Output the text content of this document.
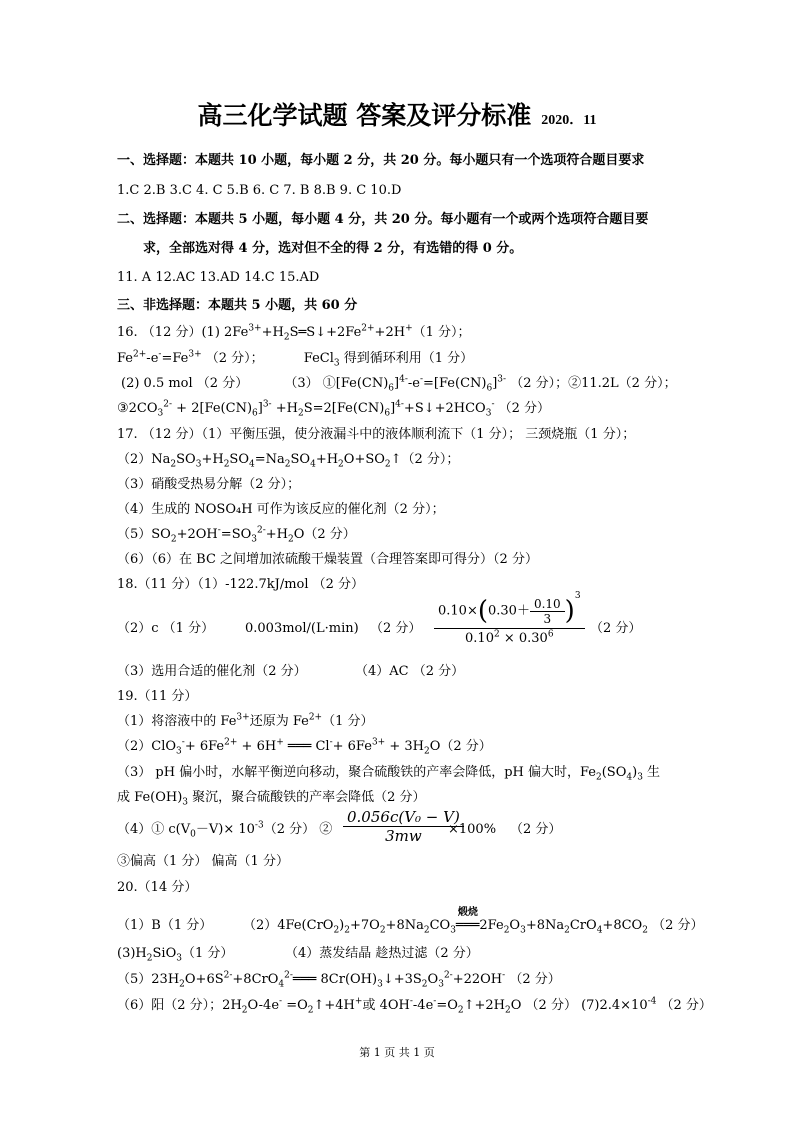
高三化学试题 答案及评分标准 2020．11
一、选择题：本题共 10 小题，每小题 2 分，共 20 分。每小题只有一个选项符合题目要求
1.C 2.B 3.C 4. C 5.B 6. C 7. B 8.B 9. C 10.D
二、选择题：本题共 5 小题，每小题 4 分，共 20 分。每小题有一个或两个选项符合题目要
求，全部选对得 4 分，选对但不全的得 2 分，有选错的得 0 分。
11. A 12.AC 13.AD 14.C 15.AD
三、非选择题：本题共 5 小题，共 60 分
16. （12 分）(1) $2Fe^{3+}+H_2S═S↓+2Fe^{2+}+2H^+(1$ 分）；
$Fe^{2+}-e^-=Fe^{3+}$ （2 分）；	FeCl$_3$ 得到循环利用（1 分）
(2) 0.5 mol （2 分）	（3） $①[Fe(CN)_6]^{4-}-e^-=[Fe(CN)_6]^{3-}$ （2 分）；②11.2L（2 分）；
$③2CO_3^{2-} + 2[Fe(CN)_6]^{3-}$ $+H_2S=2[Fe(CN)_6]^{4-}+S↓+2HCO_3^-$ （2 分）
17. （12 分）（1）平衡压强，使分液漏斗中的液体顺利流下（1 分）； 三颈烧瓶（1 分）；
$(2)Na_2SO_3+H_2SO_4=Na_2SO_4+H_2O+SO_2↑(2$ 分）；
（3）硝酸受热易分解（2 分）；
（4）生成的 NOSO₄H 可作为该反应的催化剂（2 分）；
$(5)SO_2+2OH^-=SO_3^{2-}+H_2O(2$ 分）
（6）（6）在 BC 之间增加浓硫酸干燥装置（合理答案即可得分）（2 分）
18.（11 分）（1）-122.7kJ/mol （2 分）
（2）c （1 分） 0.003mol/(L·min) （2 分） $\frac{0.10\times(0.30+ \frac{0.10}{3} )^3}{0.10^2 \times 0.30^6} (2$ 分）
（3）选用合适的催化剂（2 分）	（4）AC （2 分）
19.（11 分）
（1）将溶液中的 $Fe^{3+}$还原为 $Fe^{2+}(1$ 分）
$(2)ClO_3^-+ 6Fe^{2+} + 6H^+$ ═══ $Cl^-+ 6Fe^{3+} + 3H_2O(2$ 分）
（3） pH 偏小时，水解平衡逆向移动，聚合硫酸铁的产率会降低，pH 偏大时，$Fe_2(SO_4)_3$ 生
成 $Fe(OH)_3$ 聚沉，聚合硫酸铁的产率会降低（2 分）
（4）① $c(V_0-V)\times 10^{-3}(2$ 分） ② $\frac{\text{0.056c(V₀ − V)}}{3mw}$
×100% （2 分）
③偏高（1 分） 偏高（1 分）
20.（14 分）
（1）B（1 分） $(2)4Fe(CrO_2)_2+7O_2+8Na_2CO_3$
煅烧
$═══2Fe_2O_3+8Na_2CrO_4+8CO_2$ （2 分）
$(3)H_2SiO_3(1$ 分）	（4）蒸发结晶 趁热过滤（2 分）
$(5)23H_2O+6S^{2-}+8CrO_4^{2-}═══$ $8Cr(OH)_3↓+3S_2O_3^{2-}+22OH^-$ （2 分）
（6）阳（2 分）；$2H_2O-4e^-$ $=O_2↑+4H^+$或 $4OH^--4e^-=O_2↑+2H_2O$ （2 分） $(7)2.4\times 10^{-4}$ （2 分）
第 1 页 共 1 页
